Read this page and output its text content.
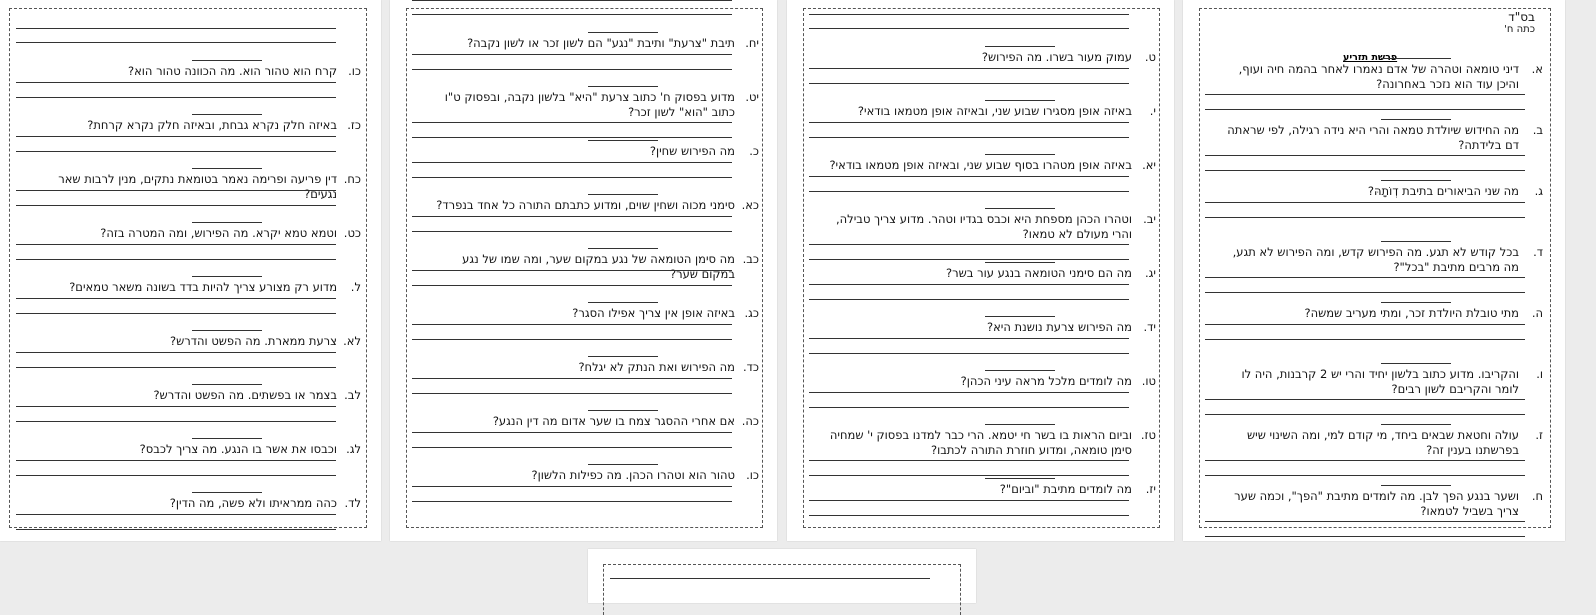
בס"ד
כתה ח'
פרשת תזריע
א.דיני טומאה וטהרה של אדם נאמרו לאחר בהמה חיה ועוף, והיכן עוד הוא נזכר באחרונה?
ב.מה החידוש שיולדת טמאה והרי היא נידה רגילה, לפי שראתה דם בלידתה?
ג.מה שני הביאורים בתיבת דְוֹתָהּ?
ד.בכל קודש לא תגע. מה הפירוש קדש, ומה הפירוש לא תגע, מה מרבים מתיבת "בכל"?
ה.מתי טובלת היולדת זכר, ומתי מעריב שמשה?
ו.והקריבו. מדוע כתוב בלשון יחיד והרי יש 2 קרבנות, היה לו לומר והקריבם לשון רבים?
ז.עולה וחטאת שבאים ביחד, מי קודם למי, ומה השינוי שיש בפרשתנו בענין זה?
ח.ושער בנגע הפך לבן. מה לומדים מתיבת "הפך", וכמה שער צריך בשביל לטמאו?
ט.עמוק מעור בשרו. מה הפירוש?
י.באיזה אופן מסגירו שבוע שני, ובאיזה אופן מטמאו בודאי?
יא.באיזה אופן מטהרו בסוף שבוע שני, ובאיזה אופן מטמאו בודאי?
יב.וטהרו הכהן מספחת היא וכבס בגדיו וטהר. מדוע צריך טבילה, והרי מעולם לא טמאו?
יג.מה הם סימני הטומאה בנגע עור בשר?
יד.מה הפירוש צרעת נושנת היא?
טו.מה לומדים מלכל מראה עיני הכהן?
טז.וביום הראות בו בשר חי יטמא. הרי כבר למדנו בפסוק י' שמחיה סימן טומאה, ומדוע חוזרת התורה לכתבו?
יז.מה לומדים מתיבת "וביום"?
יח.תיבת "צרעת" ותיבת "נגע" הם לשון זכר או לשון נקבה?
יט.מדוע בפסוק ח' כתוב צרעת "היא" בלשון נקבה, ובפסוק ט"ו כתוב "הוא" לשון זכר?
כ.מה הפירוש שחין?
כא.סימני מכוה ושחין שוים, ומדוע כתבתם התורה כל אחד בנפרד?
כב.מה סימן הטומאה של נגע במקום שער, ומה שמו של נגע במקום שער?
כג.באיזה אופן אין צריך אפילו הסגר?
כד.מה הפירוש ואת הנתק לא יגלח?
כה.אם אחרי ההסגר צמח בו שער אדום מה דין הנגע?
כו.טהור הוא וטהרו הכהן. מה כפילות הלשון?
כו.קרח הוא טהור הוא. מה הכוונה טהור הוא?
כז.באיזה חלק נקרא גבחת, ובאיזה חלק נקרא קרחת?
כח.דין פריעה ופרימה נאמר בטומאת נתקים, מנין לרבות שאר נגעים?
כט.וטמא טמא יקרא. מה הפירוש, ומה המטרה בזה?
ל.מדוע רק מצורע צריך להיות בדד בשונה משאר טמאים?
לא.צרעת ממארת. מה הפשט והדרש?
לב.בצמר או בפשתים. מה הפשט והדרש?
לג.וכבסו את אשר בו הנגע. מה צריך לכבס?
לד.כהה ממראיתו ולא פשה, מה הדין?
